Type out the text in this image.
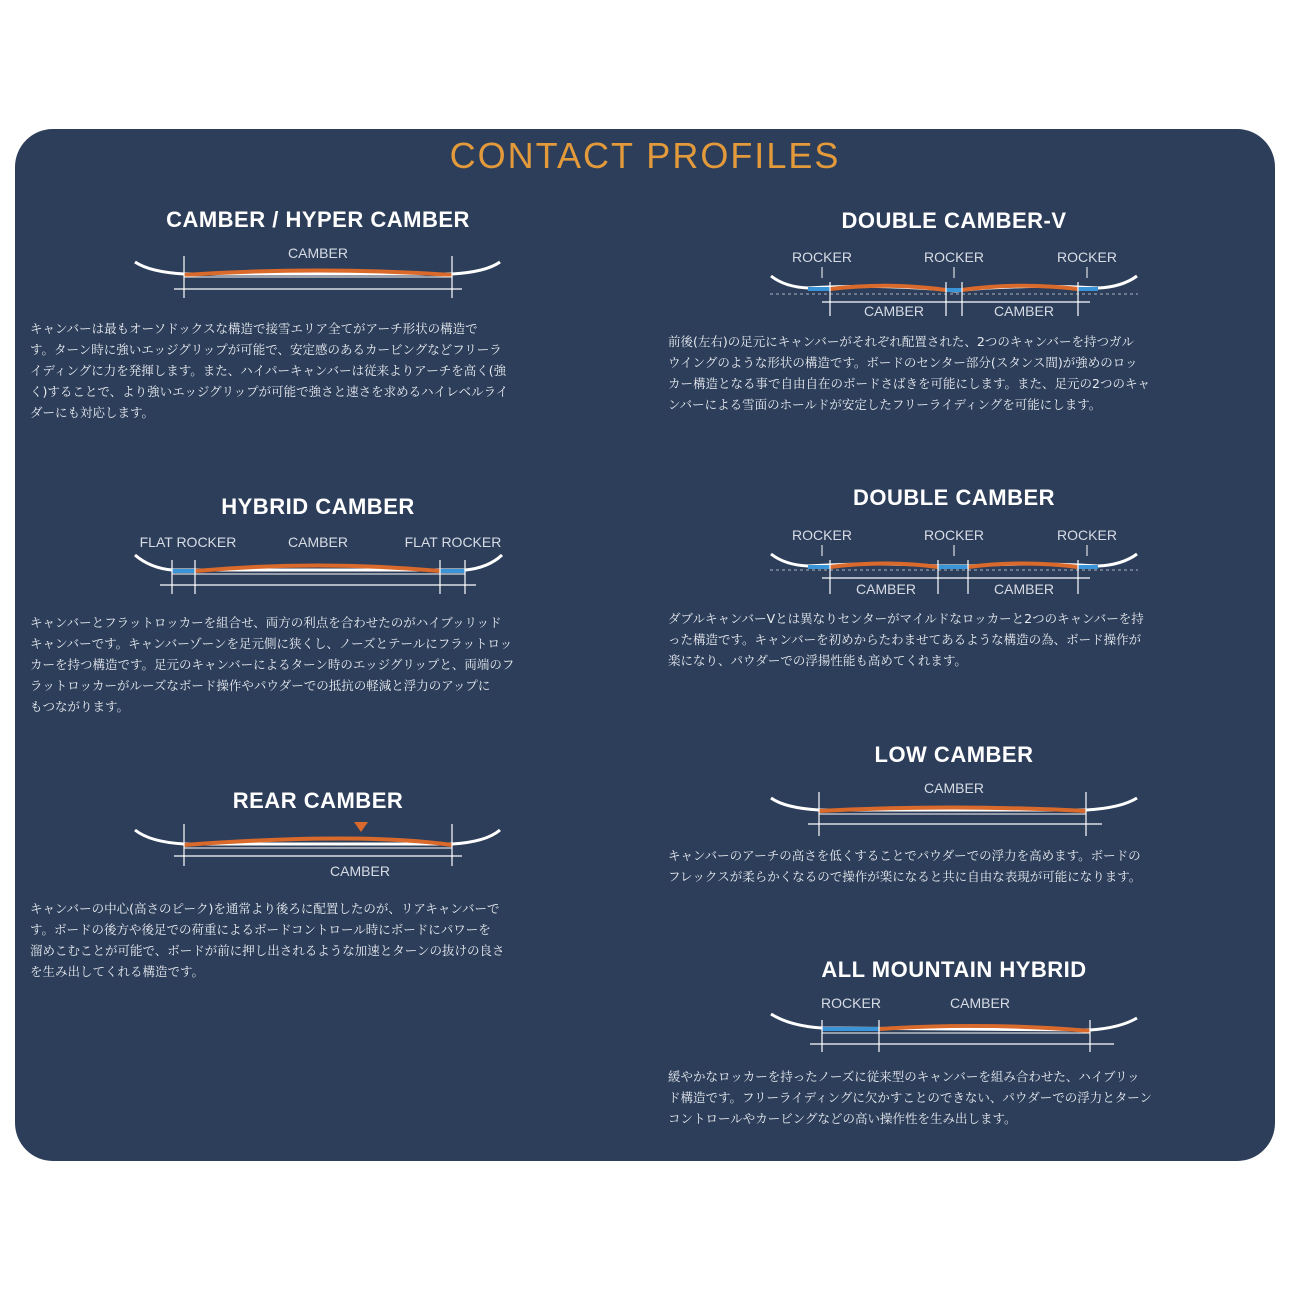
CONTACT PROFILES
CAMBER / HYPER CAMBER
CAMBER
キャンバーは最もオーソドックスな構造で接雪エリア全てがアーチ形状の構造で
す。ターン時に強いエッジグリップが可能で、安定感のあるカービングなどフリーラ
イディングに力を発揮します。また、ハイパーキャンバーは従来よりアーチを高く(強
く)することで、より強いエッジグリップが可能で強さと速さを求めるハイレベルライ
ダーにも対応します。
HYBRID CAMBER
FLAT ROCKER	CAMBER	FLAT ROCKER
キャンバーとフラットロッカーを組合せ、両方の利点を合わせたのがハイブッリッド
キャンバーです。キャンバーゾーンを足元側に狭くし、ノーズとテールにフラットロッ
カーを持つ構造です。足元のキャンバーによるターン時のエッジグリップと、両端のフ
ラットロッカーがルーズなボード操作やパウダーでの抵抗の軽減と浮力のアップに
もつながります。
REAR CAMBER
CAMBER
キャンバーの中心(高さのピーク)を通常より後ろに配置したのが、リアキャンバーで
す。ボードの後方や後足での荷重によるボードコントロール時にボードにパワーを
溜めこむことが可能で、ボードが前に押し出されるような加速とターンの抜けの良さ
を生み出してくれる構造です。
DOUBLE CAMBER-V
ROCKER	ROCKER	ROCKER
CAMBER	CAMBER
前後(左右)の足元にキャンバーがそれぞれ配置された、2つのキャンバーを持つガル
ウイングのような形状の構造です。ボードのセンター部分(スタンス間)が強めのロッ
カー構造となる事で自由自在のボードさばきを可能にします。また、足元の2つのキャ
ンバーによる雪面のホールドが安定したフリーライディングを可能にします。
DOUBLE CAMBER
ROCKER	ROCKER	ROCKER
CAMBER	CAMBER
ダブルキャンバーVとは異なりセンターがマイルドなロッカーと2つのキャンバーを持
った構造です。キャンバーを初めからたわませてあるような構造の為、ボード操作が
楽になり、パウダーでの浮揚性能も高めてくれます。
LOW CAMBER
CAMBER
キャンバーのアーチの高さを低くすることでパウダーでの浮力を高めます。ボードの
フレックスが柔らかくなるので操作が楽になると共に自由な表現が可能になります。
ALL MOUNTAIN HYBRID
ROCKER	CAMBER
緩やかなロッカーを持ったノーズに従来型のキャンバーを組み合わせた、ハイブリッ
ド構造です。フリーライディングに欠かすことのできない、パウダーでの浮力とターン
コントロールやカービングなどの高い操作性を生み出します。
